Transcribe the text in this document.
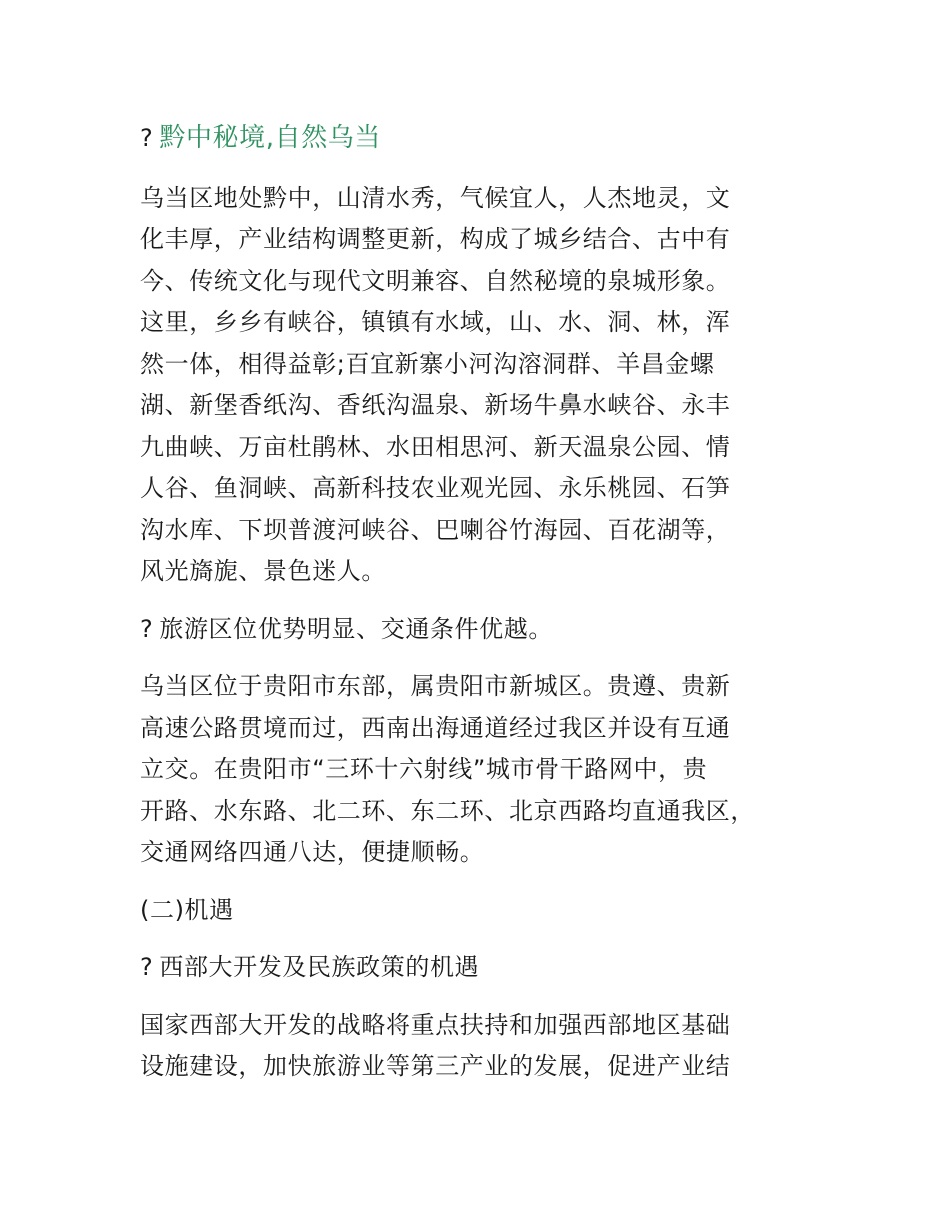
? 黔中秘境,自然乌当

乌当区地处黔中，山清水秀，气候宜人，人杰地灵，文
化丰厚，产业结构调整更新，构成了城乡结合、古中有
今、传统文化与现代文明兼容、自然秘境的泉城形象。
这里，乡乡有峡谷，镇镇有水域，山、水、洞、林，浑
然一体，相得益彰;百宜新寨小河沟溶洞群、羊昌金螺
湖、新堡香纸沟、香纸沟温泉、新场牛鼻水峡谷、永丰
九曲峡、万亩杜鹃林、水田相思河、新天温泉公园、情
人谷、鱼洞峡、高新科技农业观光园、永乐桃园、石笋
沟水库、下坝普渡河峡谷、巴喇谷竹海园、百花湖等，
风光旖旎、景色迷人。

? 旅游区位优势明显、交通条件优越。

乌当区位于贵阳市东部，属贵阳市新城区。贵遵、贵新
高速公路贯境而过，西南出海通道经过我区并设有互通
立交。在贵阳市“三环十六射线”城市骨干路网中，贵
开路、水东路、北二环、东二环、北京西路均直通我区，
交通网络四通八达，便捷顺畅。

(二)机遇

? 西部大开发及民族政策的机遇

国家西部大开发的战略将重点扶持和加强西部地区基础
设施建设，加快旅游业等第三产业的发展，促进产业结
